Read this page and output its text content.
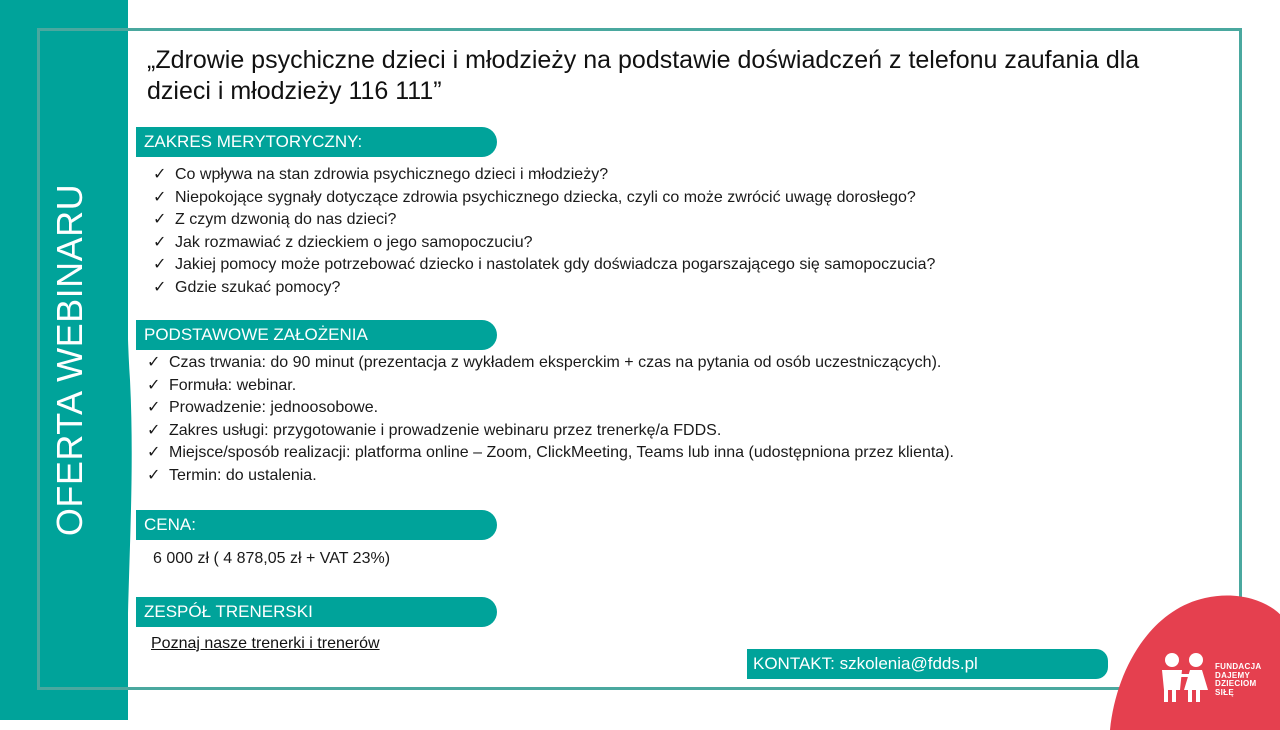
OFERTA WEBINARU
„Zdrowie psychiczne dzieci i młodzieży na podstawie doświadczeń z telefonu zaufania dla dzieci i młodzieży 116 111”
ZAKRES MERYTORYCZNY:
✓ Co wpływa na stan zdrowia psychicznego dzieci i młodzieży?
✓ Niepokojące sygnały dotyczące zdrowia psychicznego dziecka, czyli co może zwrócić uwagę dorosłego?
✓ Z czym dzwonią do nas dzieci?
✓ Jak rozmawiać z dzieckiem o jego samopoczuciu?
✓ Jakiej pomocy może potrzebować dziecko i nastolatek gdy doświadcza pogarszającego się samopoczucia?
✓ Gdzie szukać pomocy?
PODSTAWOWE ZAŁOŻENIA
✓ Czas trwania: do 90 minut (prezentacja z wykładem eksperckim + czas na pytania od osób uczestniczących).
✓ Formuła: webinar.
✓ Prowadzenie: jednoosobowe.
✓ Zakres usługi: przygotowanie i prowadzenie webinaru przez trenerkę/a FDDS.
✓ Miejsce/sposób realizacji: platforma online – Zoom, ClickMeeting, Teams lub inna (udostępniona przez klienta).
✓ Termin: do ustalenia.
CENA:
6 000 zł ( 4 878,05 zł + VAT 23%)
ZESPÓŁ TRENERSKI
Poznaj nasze trenerki i trenerów
KONTAKT: szkolenia@fdds.pl	FUNDACJA
DAJEMY
DZIECIOM
SIŁĘ
